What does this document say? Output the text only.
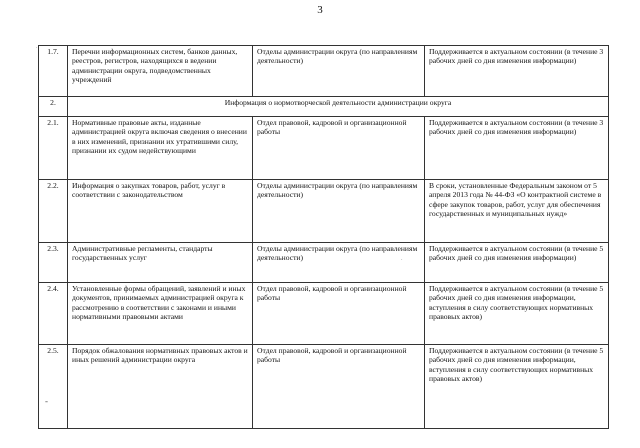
3
1.7.	Перечни информационных систем, банков данных, реестров, регистров, находящихся в ведении администрации округа, подведомственных учреждений	Отделы администрации округа (по направлениям деятельности)	Поддерживается в актуальном состоянии (в течение 3 рабочих дней со дня изменения информации)
2.	Информация о нормотворческой деятельности администрации округа		
2.1.	Нормативные правовые акты, изданные администрацией округа включая сведения о внесении в них изменений, признании их утратившими силу, признании их судом недействующими	Отдел правовой, кадровой и организационной работы	Поддерживается в актуальном состоянии (в течение 3 рабочих дней со дня изменения информации)
2.2.	Информация о закупках товаров, работ, услуг в соответствии с законодательством	Отделы администрации округа (по направлениям деятельности)	В сроки, установленные Федеральным законом от 5 апреля 2013 года № 44-ФЗ «О контрактной системе в сфере закупок товаров, работ, услуг для обеспечения государственных и муниципальных нужд»
2.3.	Административные регламенты, стандарты государственных услуг	Отделы администрации округа (по направлениям деятельности)	Поддерживается в актуальном состоянии (в течение 5 рабочих дней со дня изменения информации)
2.4.	Установленные формы обращений, заявлений и иных документов, принимаемых администрацией округа к рассмотрению в соответствии с законами и иными нормативными правовыми актами	Отдел правовой, кадровой и организационной работы	Поддерживается в актуальном состоянии (в течение 5 рабочих дней со дня изменения информации, вступления в силу соответствующих нормативных правовых актов)
2.5.	Порядок обжалования нормативных правовых актов и иных решений администрации округа	Отдел правовой, кадровой и организационной работы	Поддерживается в актуальном состоянии (в течение 5 рабочих дней со дня изменения информации, вступления в силу соответствующих нормативных правовых актов)
-
.
.
